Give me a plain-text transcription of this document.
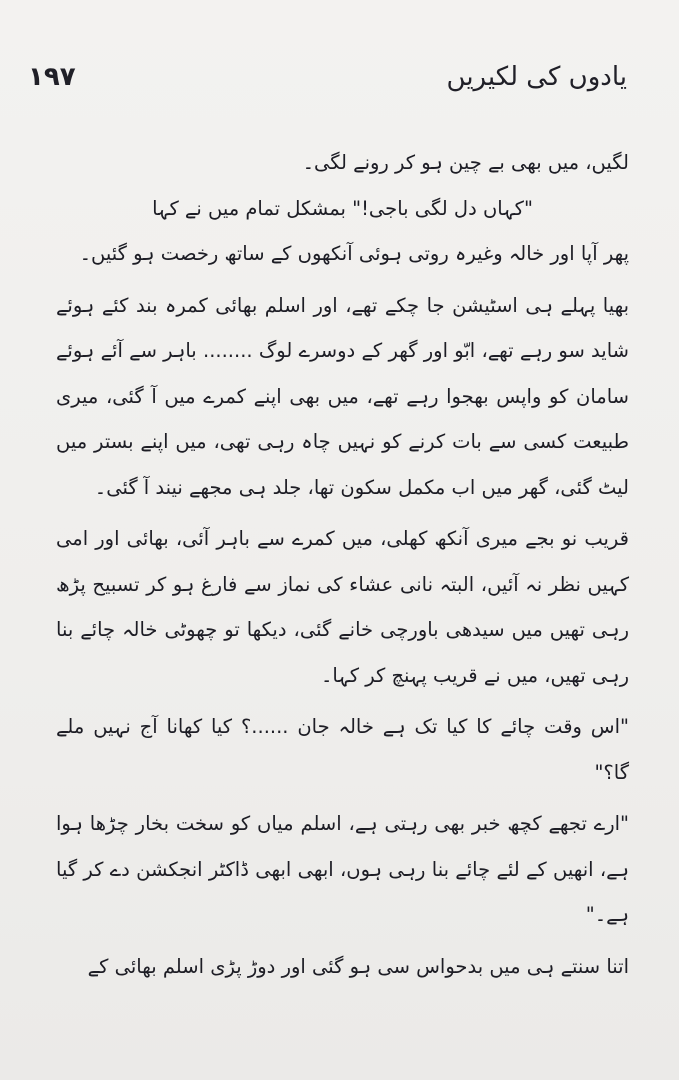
۱۹۷	یادوں کی لکیریں

لگیں، میں بھی بے چین ہو کر رونے لگی۔

"کہاں دل لگی باجی!" بمشکل تمام میں نے کہا

پھر آپا اور خالہ وغیرہ روتی ہوئی آنکھوں کے ساتھ رخصت ہو گئیں۔

بھیا پہلے ہی اسٹیشن جا چکے تھے، اور اسلم بھائی کمرہ بند کئے ہوئے شاید سو رہے تھے، ابّو اور گھر کے دوسرے لوگ ........ باہر سے آئے ہوئے سامان کو واپس بھجوا رہے تھے، میں بھی اپنے کمرے میں آ گئی، میری طبیعت کسی سے بات کرنے کو نہیں چاہ رہی تھی، میں اپنے بستر میں لیٹ گئی، گھر میں اب مکمل سکون تھا، جلد ہی مجھے نیند آ گئی۔

قریب نو بجے میری آنکھ کھلی، میں کمرے سے باہر آئی، بھائی اور امی کہیں نظر نہ آئیں، البتہ نانی عشاء کی نماز سے فارغ ہو کر تسبیح پڑھ رہی تھیں میں سیدھی باورچی خانے گئی، دیکھا تو چھوٹی خالہ چائے بنا رہی تھیں، میں نے قریب پہنچ کر کہا۔

"اس وقت چائے کا کیا تک ہے خالہ جان ......؟ کیا کھانا آج نہیں ملے گا؟"

"ارے تجھے کچھ خبر بھی رہتی ہے، اسلم میاں کو سخت بخار چڑھا ہوا ہے، انھیں کے لئے چائے بنا رہی ہوں، ابھی ابھی ڈاکٹر انجکشن دے کر گیا ہے۔"

اتنا سنتے ہی میں بدحواس سی ہو گئی اور دوڑ پڑی اسلم بھائی کے
